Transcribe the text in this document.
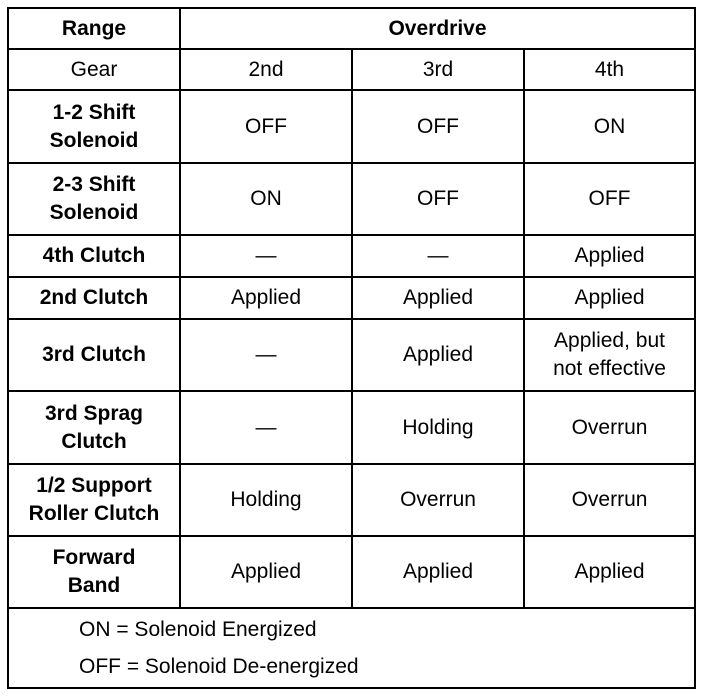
Range	Overdrive		
Gear	2nd	3rd	4th
1-2 Shift
Solenoid	OFF	OFF	ON
2-3 Shift
Solenoid	ON	OFF	OFF
4th Clutch	—	—	Applied
2nd Clutch	Applied	Applied	Applied
3rd Clutch	—	Applied	Applied, but
not effective
3rd Sprag
Clutch	—	Holding	Overrun
1/2 Support
Roller Clutch	Holding	Overrun	Overrun
Forward
Band	Applied	Applied	Applied

ON = Solenoid Energized
OFF = Solenoid De-energized			
